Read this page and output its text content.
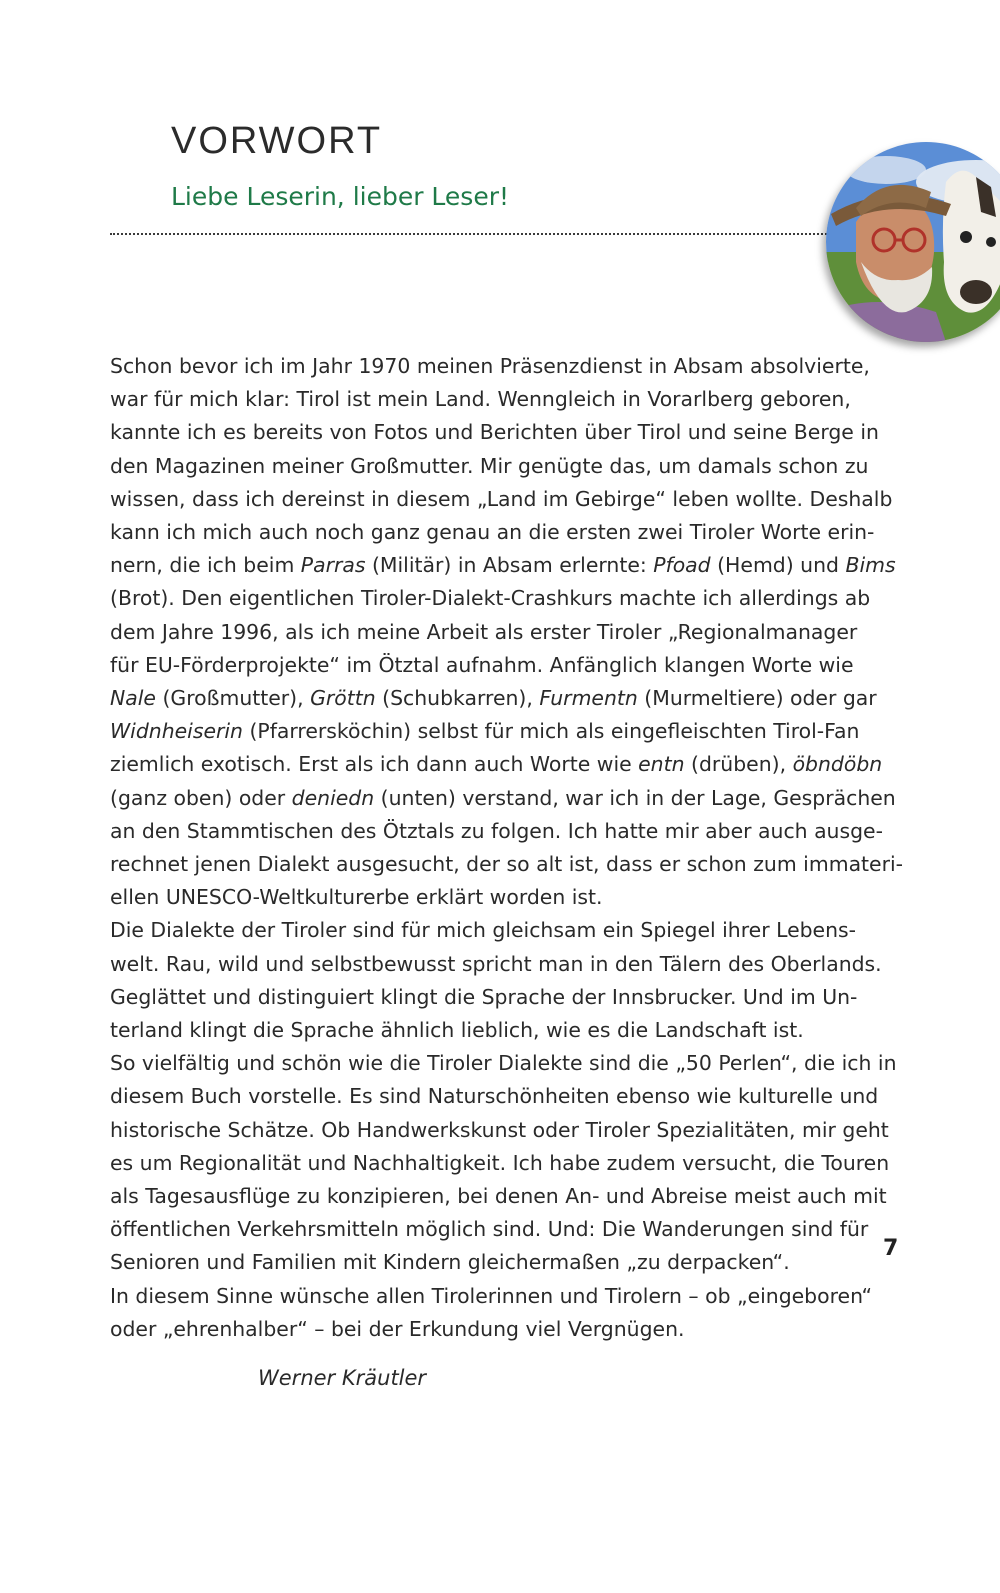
VORWORT
Liebe Leserin, lieber Leser!
Schon bevor ich im Jahr 1970 meinen Präsenzdienst in Absam absolvierte,
war für mich klar: Tirol ist mein Land. Wenngleich in Vorarlberg geboren,
kannte ich es bereits von Fotos und Berichten über Tirol und seine Berge in
den Magazinen meiner Großmutter. Mir genügte das, um damals schon zu
wissen, dass ich dereinst in diesem „Land im Gebirge“ leben wollte. Deshalb
kann ich mich auch noch ganz genau an die ersten zwei Tiroler Worte erin-
nern, die ich beim Parras (Militär) in Absam erlernte: Pfoad (Hemd) und Bims
(Brot). Den eigentlichen Tiroler-Dialekt-Crashkurs machte ich allerdings ab
dem Jahre 1996, als ich meine Arbeit als erster Tiroler „Regionalmanager
für EU-Förderprojekte“ im Ötztal aufnahm. Anfänglich klangen Worte wie
Nale (Großmutter), Gröttn (Schubkarren), Furmentn (Murmeltiere) oder gar
Widnheiserin (Pfarrersköchin) selbst für mich als eingefleischten Tirol-Fan
ziemlich exotisch. Erst als ich dann auch Worte wie entn (drüben), öbndöbn
(ganz oben) oder deniedn (unten) verstand, war ich in der Lage, Gesprächen
an den Stammtischen des Ötztals zu folgen. Ich hatte mir aber auch ausge-
rechnet jenen Dialekt ausgesucht, der so alt ist, dass er schon zum immateri-
ellen UNESCO-Weltkulturerbe erklärt worden ist.
Die Dialekte der Tiroler sind für mich gleichsam ein Spiegel ihrer Lebens-
welt. Rau, wild und selbstbewusst spricht man in den Tälern des Oberlands.
Geglättet und distinguiert klingt die Sprache der Innsbrucker. Und im Un-
terland klingt die Sprache ähnlich lieblich, wie es die Landschaft ist.
So vielfältig und schön wie die Tiroler Dialekte sind die „50 Perlen“, die ich in
diesem Buch vorstelle. Es sind Naturschönheiten ebenso wie kulturelle und
historische Schätze. Ob Handwerkskunst oder Tiroler Spezialitäten, mir geht
es um Regionalität und Nachhaltigkeit. Ich habe zudem versucht, die Touren
als Tagesausflüge zu konzipieren, bei denen An- und Abreise meist auch mit
öffentlichen Verkehrsmitteln möglich sind. Und: Die Wanderungen sind für
Senioren und Familien mit Kindern gleichermaßen „zu derpacken“.
In diesem Sinne wünsche allen Tirolerinnen und Tirolern – ob „eingeboren“
oder „ehrenhalber“ – bei der Erkundung viel Vergnügen.
Werner Kräutler
7
